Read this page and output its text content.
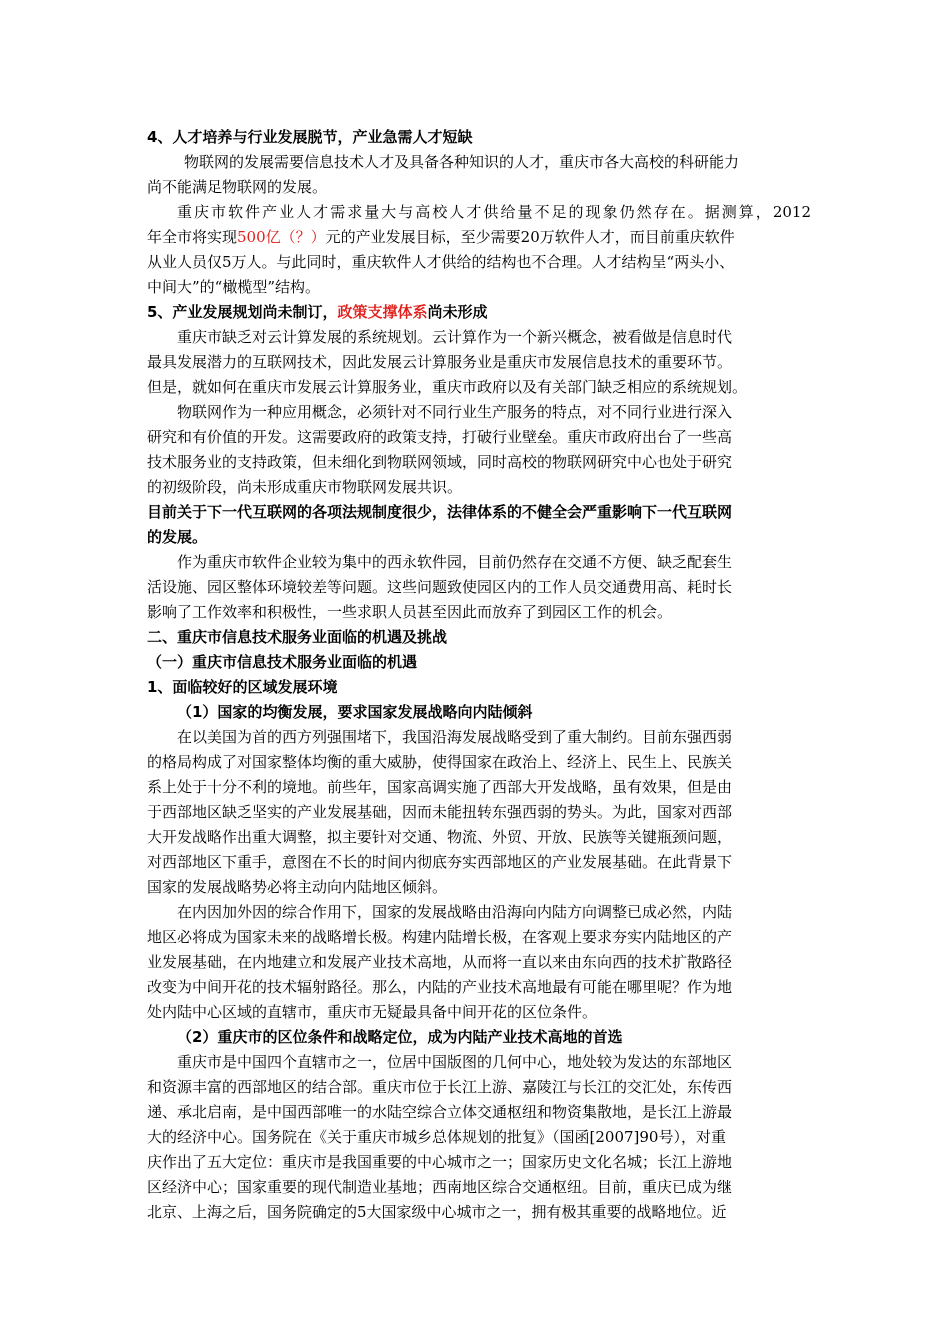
4、人才培养与行业发展脱节，产业急需人才短缺
物联网的发展需要信息技术人才及具备各种知识的人才，重庆市各大高校的科研能力
尚不能满足物联网的发展。
重庆市软件产业人才需求量大与高校人才供给量不足的现象仍然存在。据测算，2012
年全市将实现500亿（？）元的产业发展目标，至少需要20万软件人才，而目前重庆软件
从业人员仅5万人。与此同时，重庆软件人才供给的结构也不合理。人才结构呈“两头小、
中间大”的“橄榄型”结构。
5、产业发展规划尚未制订，政策支撑体系尚未形成
重庆市缺乏对云计算发展的系统规划。云计算作为一个新兴概念，被看做是信息时代
最具发展潜力的互联网技术，因此发展云计算服务业是重庆市发展信息技术的重要环节。
但是，就如何在重庆市发展云计算服务业，重庆市政府以及有关部门缺乏相应的系统规划。
物联网作为一种应用概念，必须针对不同行业生产服务的特点，对不同行业进行深入
研究和有价值的开发。这需要政府的政策支持，打破行业壁垒。重庆市政府出台了一些高
技术服务业的支持政策，但未细化到物联网领域，同时高校的物联网研究中心也处于研究
的初级阶段，尚未形成重庆市物联网发展共识。
目前关于下一代互联网的各项法规制度很少，法律体系的不健全会严重影响下一代互联网
的发展。
作为重庆市软件企业较为集中的西永软件园，目前仍然存在交通不方便、缺乏配套生
活设施、园区整体环境较差等问题。这些问题致使园区内的工作人员交通费用高、耗时长
影响了工作效率和积极性，一些求职人员甚至因此而放弃了到园区工作的机会。
二、重庆市信息技术服务业面临的机遇及挑战
（一）重庆市信息技术服务业面临的机遇
1、面临较好的区域发展环境
（1）国家的均衡发展，要求国家发展战略向内陆倾斜
在以美国为首的西方列强围堵下，我国沿海发展战略受到了重大制约。目前东强西弱
的格局构成了对国家整体均衡的重大威胁，使得国家在政治上、经济上、民生上、民族关
系上处于十分不利的境地。前些年，国家高调实施了西部大开发战略，虽有效果，但是由
于西部地区缺乏坚实的产业发展基础，因而未能扭转东强西弱的势头。为此，国家对西部
大开发战略作出重大调整，拟主要针对交通、物流、外贸、开放、民族等关键瓶颈问题，
对西部地区下重手，意图在不长的时间内彻底夯实西部地区的产业发展基础。在此背景下
国家的发展战略势必将主动向内陆地区倾斜。
在内因加外因的综合作用下，国家的发展战略由沿海向内陆方向调整已成必然，内陆
地区必将成为国家未来的战略增长极。构建内陆增长极，在客观上要求夯实内陆地区的产
业发展基础，在内地建立和发展产业技术高地，从而将一直以来由东向西的技术扩散路径
改变为中间开花的技术辐射路径。那么，内陆的产业技术高地最有可能在哪里呢？作为地
处内陆中心区域的直辖市，重庆市无疑最具备中间开花的区位条件。
（2）重庆市的区位条件和战略定位，成为内陆产业技术高地的首选
重庆市是中国四个直辖市之一，位居中国版图的几何中心，地处较为发达的东部地区
和资源丰富的西部地区的结合部。重庆市位于长江上游、嘉陵江与长江的交汇处，东传西
递、承北启南，是中国西部唯一的水陆空综合立体交通枢纽和物资集散地，是长江上游最
大的经济中心。国务院在《关于重庆市城乡总体规划的批复》（国函[2007]90号），对重
庆作出了五大定位：重庆市是我国重要的中心城市之一；国家历史文化名城；长江上游地
区经济中心；国家重要的现代制造业基地；西南地区综合交通枢纽。目前，重庆已成为继
北京、上海之后，国务院确定的5大国家级中心城市之一，拥有极其重要的战略地位。近
